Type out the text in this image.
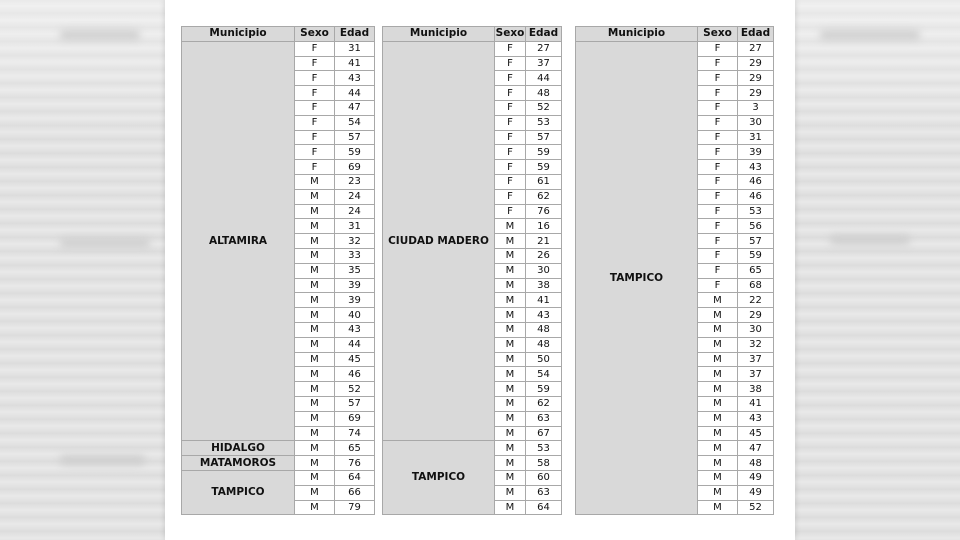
Municipio	Sexo	Edad
ALTAMIRA	F	31
	F	41
	F	43
	F	44
	F	47
	F	54
	F	57
	F	59
	F	69
	M	23
	M	24
	M	24
	M	31
	M	32
	M	33
	M	35
	M	39
	M	39
	M	40
	M	43
	M	44
	M	45
	M	46
	M	52
	M	57
	M	69
	M	74
HIDALGO	M	65
MATAMOROS	M	76
TAMPICO	M	64
	M	66
	M	79
Municipio	Sexo	Edad
CIUDAD MADERO	F	27
	F	37
	F	44
	F	48
	F	52
	F	53
	F	57
	F	59
	F	59
	F	61
	F	62
	F	76
	M	16
	M	21
	M	26
	M	30
	M	38
	M	41
	M	43
	M	48
	M	48
	M	50
	M	54
	M	59
	M	62
	M	63
	M	67
TAMPICO	M	53
	M	58
	M	60
	M	63
	M	64
Municipio	Sexo	Edad
TAMPICO	F	27
	F	29
	F	29
	F	29
	F	3
	F	30
	F	31
	F	39
	F	43
	F	46
	F	46
	F	53
	F	56
	F	57
	F	59
	F	65
	F	68
	M	22
	M	29
	M	30
	M	32
	M	37
	M	37
	M	38
	M	41
	M	43
	M	45
	M	47
	M	48
	M	49
	M	49
	M	52
